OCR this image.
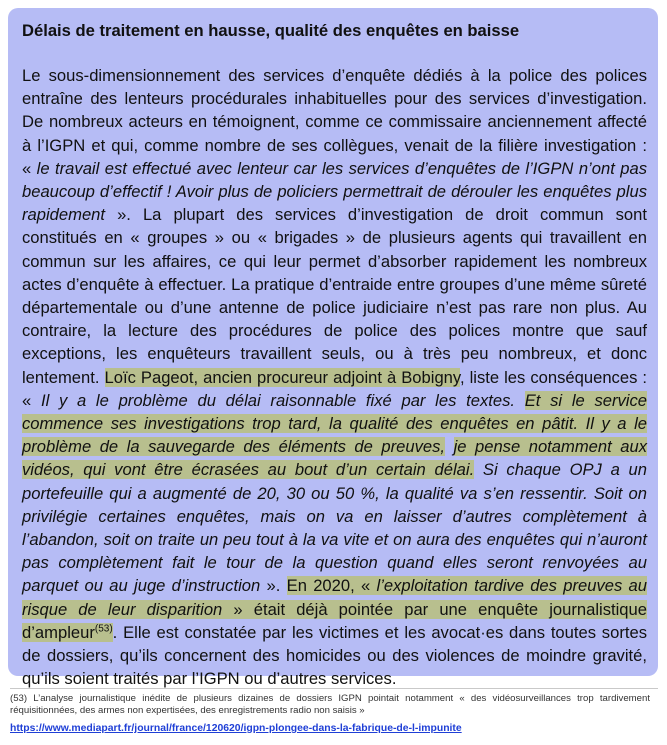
Délais de traitement en hausse, qualité des enquêtes en baisse
Le sous-dimensionnement des services d’enquête dédiés à la police des polices entraîne des lenteurs procédurales inhabituelles pour des services d’investigation. De nombreux acteurs en témoignent, comme ce commissaire anciennement affecté à l’IGPN et qui, comme nombre de ses collègues, venait de la filière investigation : « le travail est effectué avec lenteur car les services d’enquêtes de l’IGPN n’ont pas beaucoup d’effectif ! Avoir plus de policiers permettrait de dérouler les enquêtes plus rapidement ». La plupart des services d’investigation de droit commun sont constitués en « groupes » ou « brigades » de plusieurs agents qui travaillent en commun sur les affaires, ce qui leur permet d’absorber rapidement les nombreux actes d’enquête à effectuer. La pratique d’entraide entre groupes d’une même sûreté départementale ou d’une antenne de police judiciaire n’est pas rare non plus. Au contraire, la lecture des procédures de police des polices montre que sauf exceptions, les enquêteurs travaillent seuls, ou à très peu nombreux, et donc lentement. Loïc Pageot, ancien procureur adjoint à Bobigny, liste les conséquences : « Il y a le problème du délai raisonnable fixé par les textes. Et si le service commence ses investigations trop tard, la qualité des enquêtes en pâtit. Il y a le problème de la sauvegarde des éléments de preuves, je pense notamment aux vidéos, qui vont être écrasées au bout d’un certain délai. Si chaque OPJ a un portefeuille qui a augmenté de 20, 30 ou 50 %, la qualité va s’en ressentir. Soit on privilégie certaines enquêtes, mais on va en laisser d’autres complètement à l’abandon, soit on traite un peu tout à la va vite et on aura des enquêtes qui n’auront pas complètement fait le tour de la question quand elles seront renvoyées au parquet ou au juge d’instruction ». En 2020, « l’exploitation tardive des preuves au risque de leur disparition » était déjà pointée par une enquête journalistique d’ampleur$^{(53)}$. Elle est constatée par les victimes et les avocat·es dans toutes sortes de dossiers, qu’ils concernent des homicides ou des violences de moindre gravité, qu’ils soient traités par l’IGPN ou d’autres services.
(53) L’analyse journalistique inédite de plusieurs dizaines de dossiers IGPN pointait notamment « des vidéosurveillances trop tardivement réquisitionnées, des armes non expertisées, des enregistrements radio non saisis »
https://www.mediapart.fr/journal/france/120620/igpn-plongee-dans-la-fabrique-de-l-impunite
